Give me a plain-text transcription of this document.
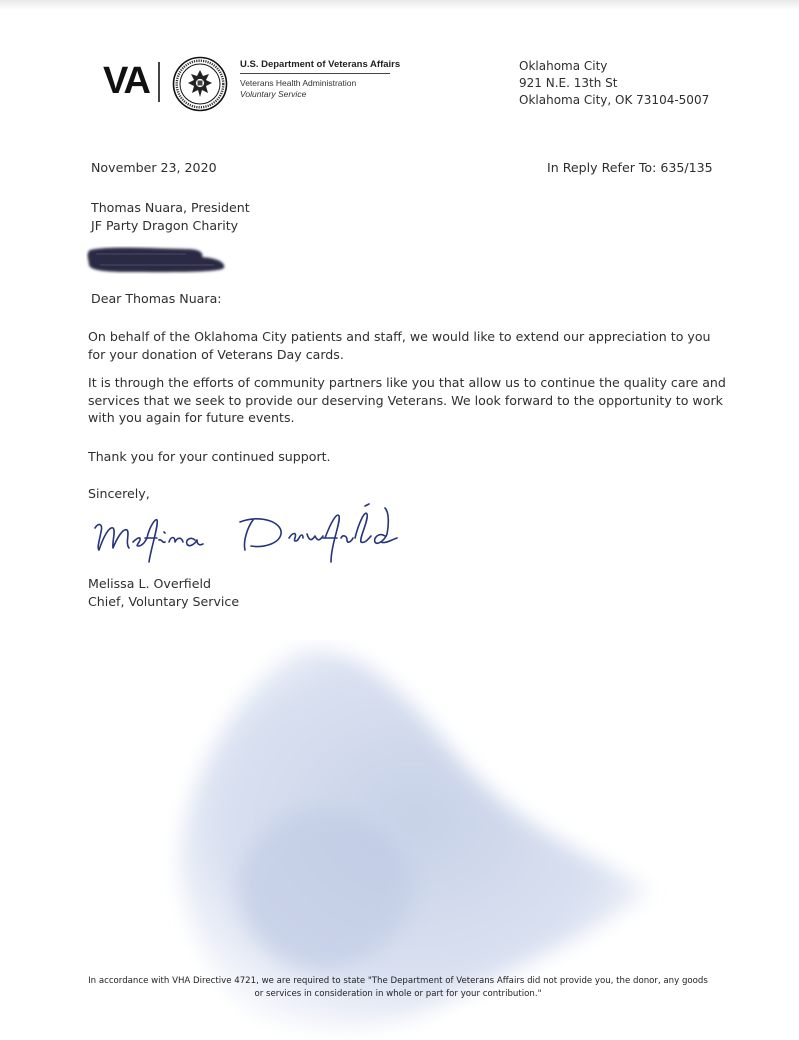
VA	U.S. Department of Veterans Affairs
Veterans Health Administration
Voluntary Service
Oklahoma City
921 N.E. 13th St
Oklahoma City, OK 73104-5007
November 23, 2020	In Reply Refer To: 635/135
Thomas Nuara, President
JF Party Dragon Charity
Dear Thomas Nuara:
On behalf of the Oklahoma City patients and staff, we would like to extend our appreciation to you for your donation of Veterans Day cards.
It is through the efforts of community partners like you that allow us to continue the quality care and services that we seek to provide our deserving Veterans. We look forward to the opportunity to work with you again for future events.
Thank you for your continued support.
Sincerely,
Melissa L. Overfield
Chief, Voluntary Service
In accordance with VHA Directive 4721, we are required to state "The Department of Veterans Affairs did not provide you, the donor, any goods or services in consideration in whole or part for your contribution."
